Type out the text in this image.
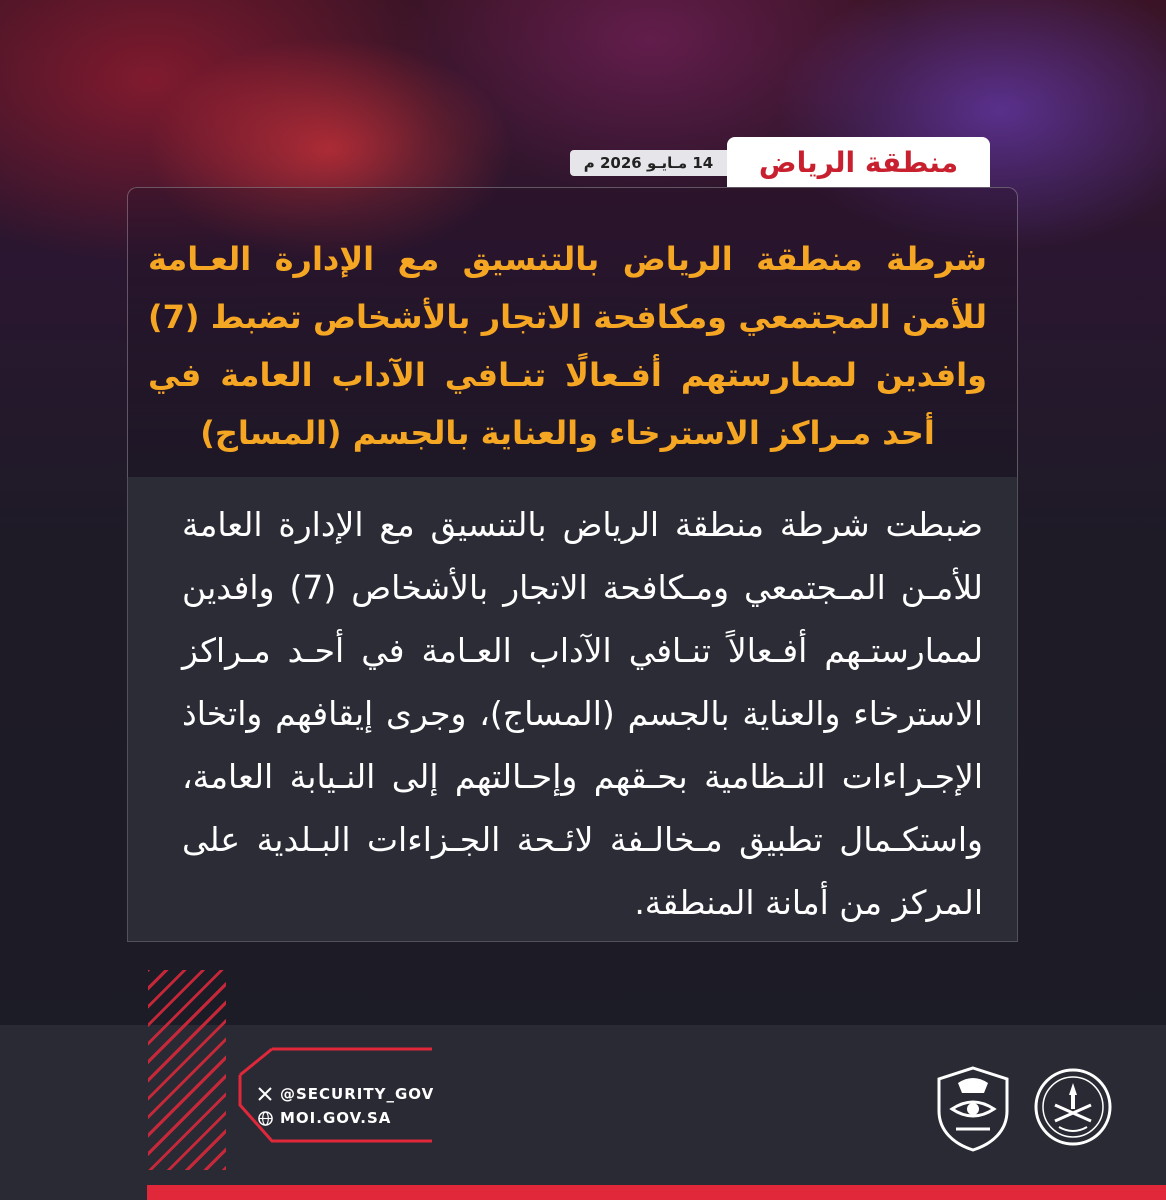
14 مـايـو 2026 م منطقة الرياض

شرطة منطقة الرياض بالتنسيق مع الإدارة العـامة للأمن المجتمعي ومكافحة الاتجار بالأشخاص تضبط (7) وافدين لممارستهم أفـعالًا تنـافي الآداب العامة في أحد مـراكز الاسترخاء والعناية بالجسم (المساج)

ضبطت شرطة منطقة الرياض بالتنسيق مع الإدارة العامة للأمـن المـجتمعي ومـكافحة الاتجار بالأشخاص (7) وافدين لممارستـهم أفـعالاً تنـافي الآداب العـامة في أحـد مـراكز الاسترخاء والعناية بالجسم (المساج)، وجرى إيقافهم واتخاذ الإجـراءات النـظامية بحـقهم وإحـالتهم إلى النـيابة العامة، واستكـمال تطبيق مـخالـفة لائـحة الجـزاءات البـلدية على المركز من أمانة المنطقة.

@SECURITY_GOV
MOI.GOV.SA
